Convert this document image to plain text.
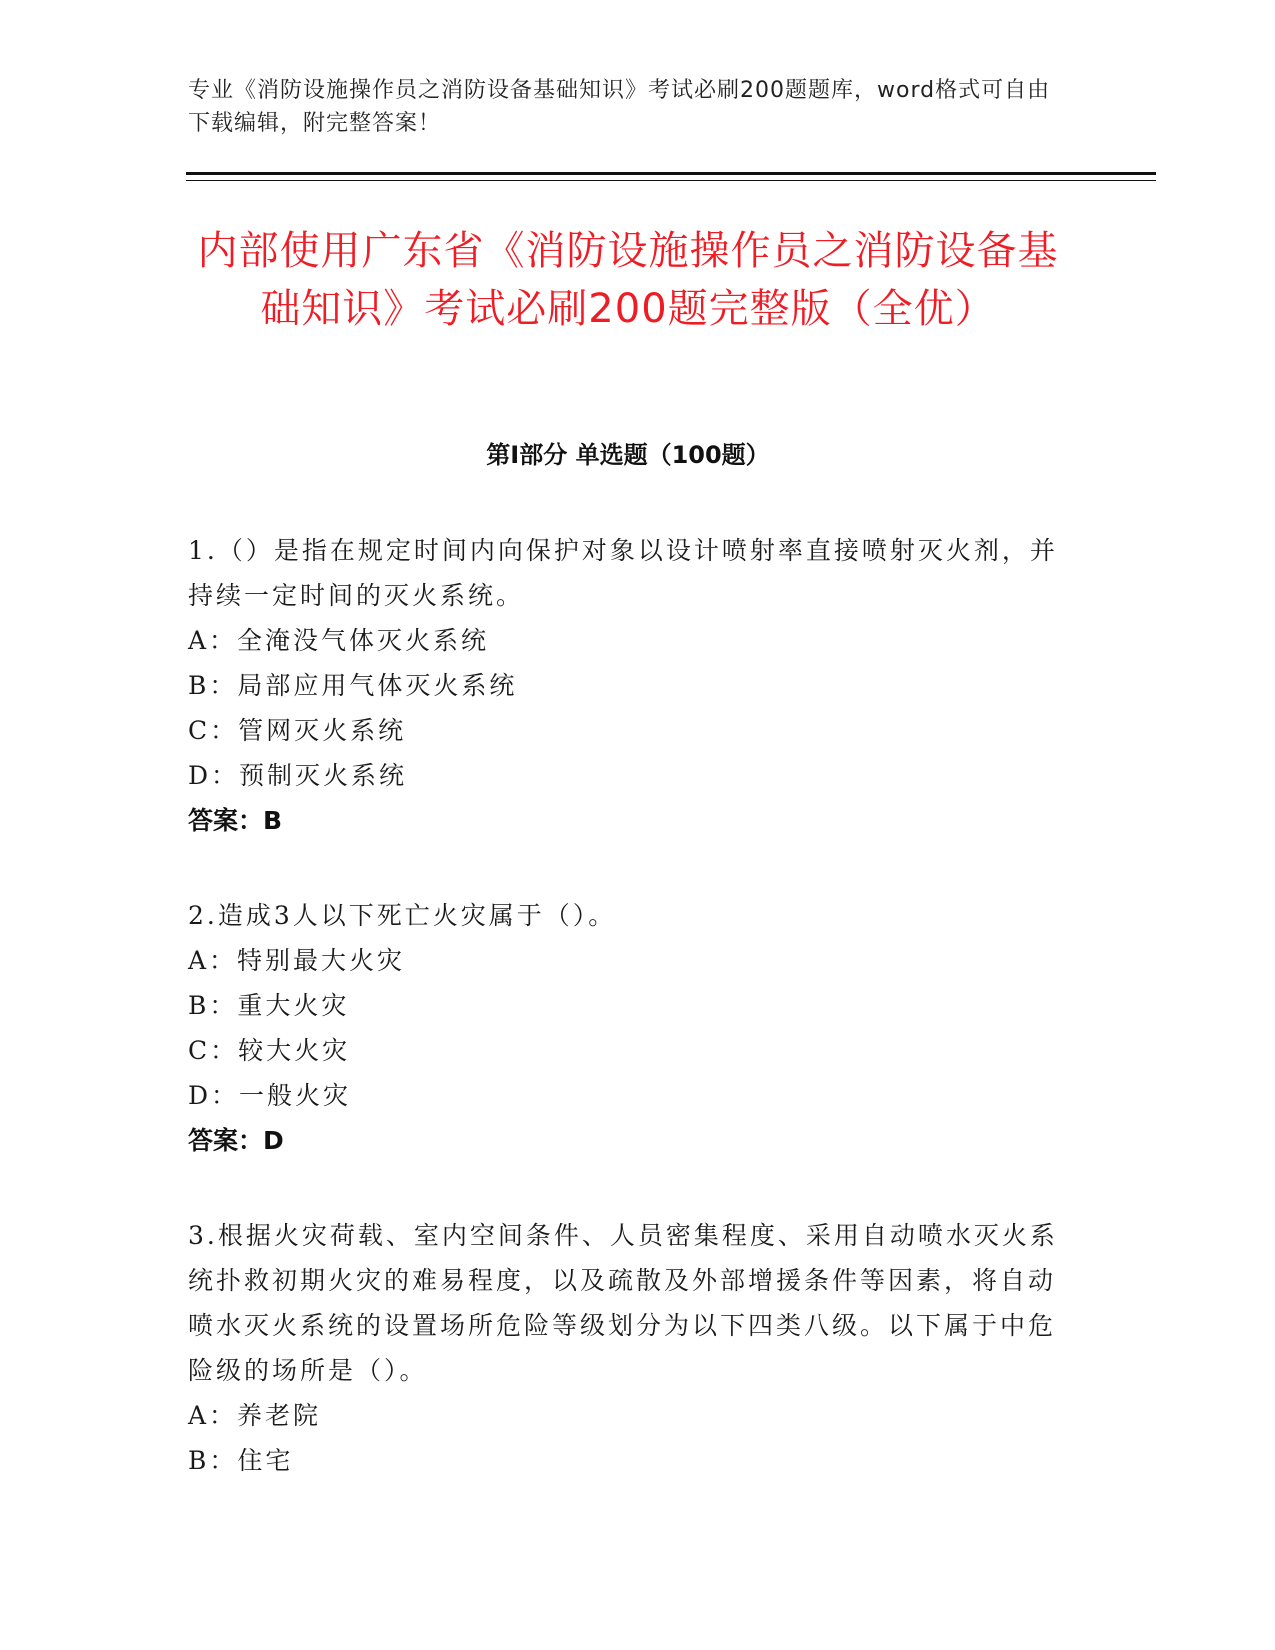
专业《消防设施操作员之消防设备基础知识》考试必刷200题题库，word格式可自由下载编辑，附完整答案！
内部使用广东省《消防设施操作员之消防设备基础知识》考试必刷200题完整版（全优）
第Ⅰ部分 单选题（100题）

1.（）是指在规定时间内向保护对象以设计喷射率直接喷射灭火剂，并持续一定时间的灭火系统。

A：全淹没气体灭火系统

B：局部应用气体灭火系统

C：管网灭火系统

D：预制灭火系统

答案：B

2.造成3人以下死亡火灾属于（）。

A：特别最大火灾

B：重大火灾

C：较大火灾

D：一般火灾

答案：D

3.根据火灾荷载、室内空间条件、人员密集程度、采用自动喷水灭火系统扑救初期火灾的难易程度，以及疏散及外部增援条件等因素，将自动喷水灭火系统的设置场所危险等级划分为以下四类八级。以下属于中危险级的场所是（）。

A：养老院

B：住宅
